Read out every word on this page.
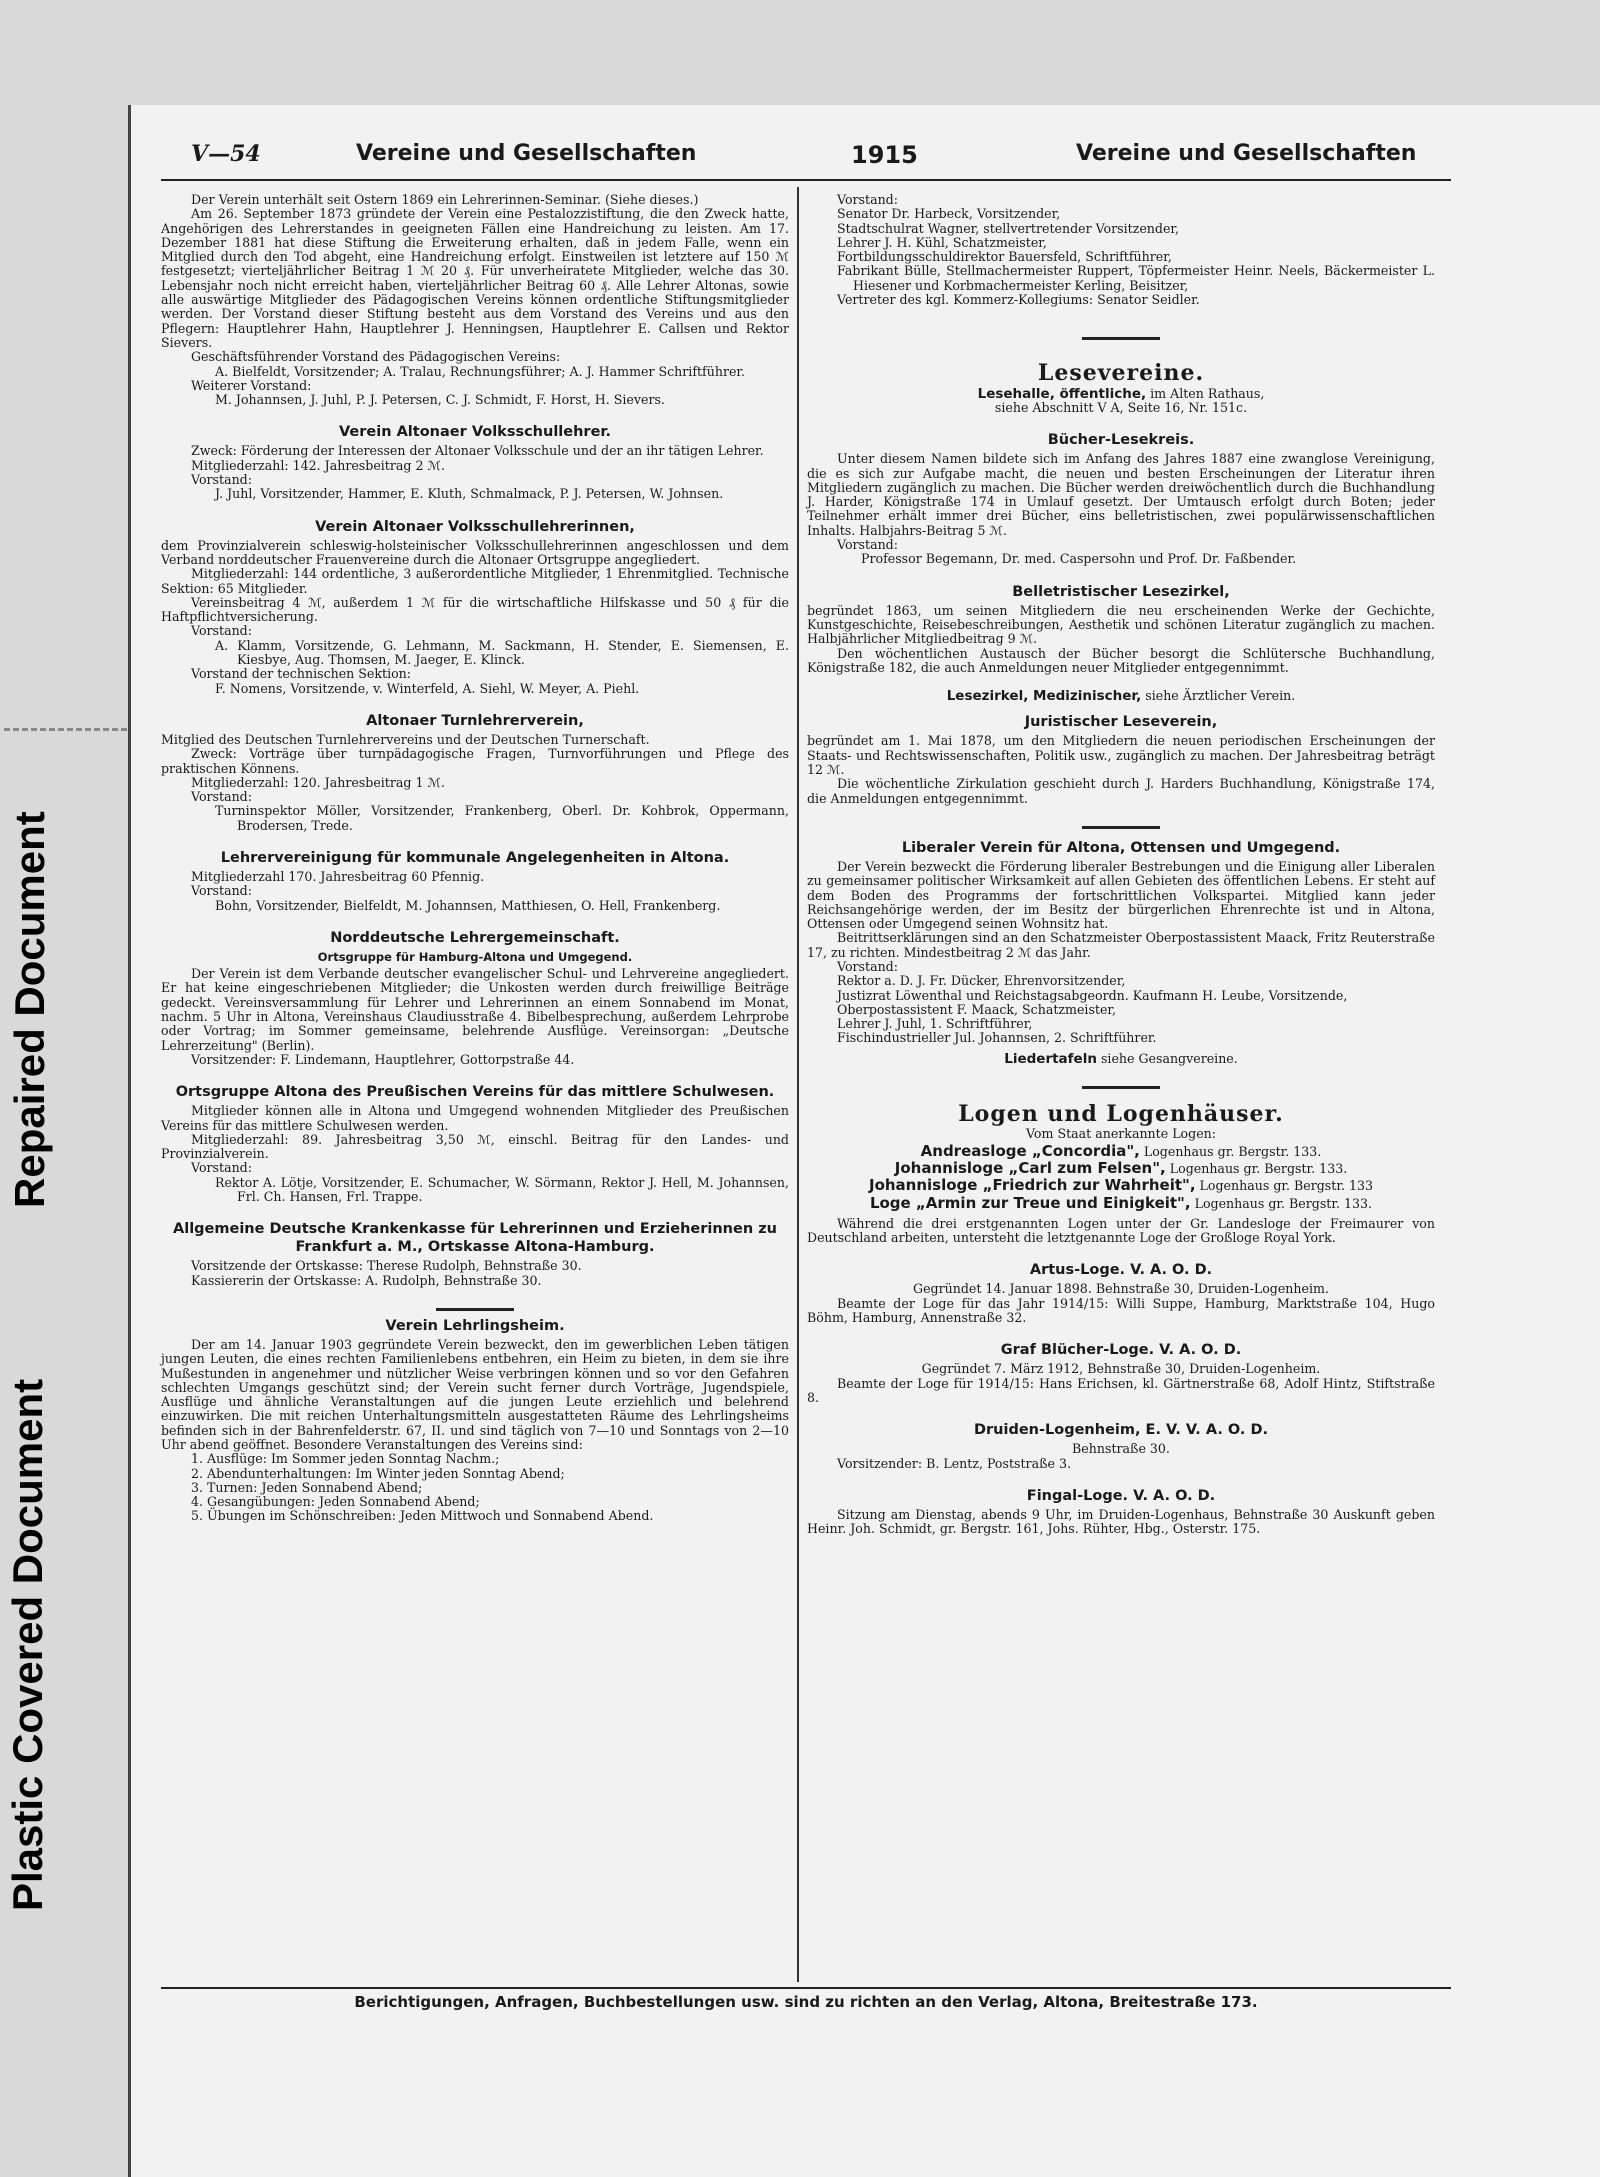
Plastic Covered Document
Repaired Document
V—54	Vereine und Gesellschaften	1915	Vereine und Gesellschaften

Der Verein unterhält seit Ostern 1869 ein Lehrerinnen-Seminar. (Siehe dieses.)

Am 26. September 1873 gründete der Verein eine Pestalozzistiftung, die den Zweck hatte, Angehörigen des Lehrerstandes in geeigneten Fällen eine Handreichung zu leisten. Am 17. Dezember 1881 hat diese Stiftung die Erweiterung erhalten, daß in jedem Falle, wenn ein Mitglied durch den Tod abgeht, eine Handreichung erfolgt. Einstweilen ist letztere auf 150 ℳ festgesetzt; vierteljährlicher Beitrag 1 ℳ 20 ₰. Für unverheiratete Mitglieder, welche das 30. Lebensjahr noch nicht erreicht haben, vierteljährlicher Beitrag 60 ₰. Alle Lehrer Altonas, sowie alle auswärtige Mitglieder des Pädagogischen Vereins können ordentliche Stiftungsmitglieder werden. Der Vorstand dieser Stiftung besteht aus dem Vorstand des Vereins und aus den Pflegern: Hauptlehrer Hahn, Hauptlehrer J. Henningsen, Hauptlehrer E. Callsen und Rektor Sievers.

Geschäftsführender Vorstand des Pädagogischen Vereins:

A. Bielfeldt, Vorsitzender; A. Tralau, Rechnungsführer; A. J. Hammer Schriftführer.

Weiterer Vorstand:

M. Johannsen, J. Juhl, P. J. Petersen, C. J. Schmidt, F. Horst, H. Sievers.

Verein Altonaer Volksschullehrer.

Zweck: Förderung der Interessen der Altonaer Volksschule und der an ihr tätigen Lehrer.

Mitgliederzahl: 142. Jahresbeitrag 2 ℳ.

Vorstand:

J. Juhl, Vorsitzender, Hammer, E. Kluth, Schmalmack, P. J. Petersen, W. Johnsen.

Verein Altonaer Volksschullehrerinnen,

dem Provinzialverein schleswig-holsteinischer Volksschullehrerinnen angeschlossen und dem Verband norddeutscher Frauenvereine durch die Altonaer Ortsgruppe angegliedert.

Mitgliederzahl: 144 ordentliche, 3 außerordentliche Mitglieder, 1 Ehrenmitglied. Technische Sektion: 65 Mitglieder.

Vereinsbeitrag 4 ℳ, außerdem 1 ℳ für die wirtschaftliche Hilfskasse und 50 ₰ für die Haftpflichtversicherung.

Vorstand:

A. Klamm, Vorsitzende, G. Lehmann, M. Sackmann, H. Stender, E. Siemensen, E. Kiesbye, Aug. Thomsen, M. Jaeger, E. Klinck.

Vorstand der technischen Sektion:

F. Nomens, Vorsitzende, v. Winterfeld, A. Siehl, W. Meyer, A. Piehl.

Altonaer Turnlehrerverein,

Mitglied des Deutschen Turnlehrervereins und der Deutschen Turnerschaft.

Zweck: Vorträge über turnpädagogische Fragen, Turnvorführungen und Pflege des praktischen Könnens.

Mitgliederzahl: 120. Jahresbeitrag 1 ℳ.

Vorstand:

Turninspektor Möller, Vorsitzender, Frankenberg, Oberl. Dr. Kohbrok, Oppermann, Brodersen, Trede.

Lehrervereinigung für kommunale Angelegenheiten in Altona.

Mitgliederzahl 170. Jahresbeitrag 60 Pfennig.

Vorstand:

Bohn, Vorsitzender, Bielfeldt, M. Johannsen, Matthiesen, O. Hell, Frankenberg.

Norddeutsche Lehrergemeinschaft.
Ortsgruppe für Hamburg-Altona und Umgegend.

Der Verein ist dem Verbande deutscher evangelischer Schul- und Lehrvereine angegliedert. Er hat keine eingeschriebenen Mitglieder; die Unkosten werden durch freiwillige Beiträge gedeckt. Vereinsversammlung für Lehrer und Lehrerinnen an einem Sonnabend im Monat, nachm. 5 Uhr in Altona, Vereinshaus Claudiusstraße 4. Bibelbesprechung, außerdem Lehrprobe oder Vortrag; im Sommer gemeinsame, belehrende Ausflüge. Vereinsorgan: „Deutsche Lehrerzeitung" (Berlin).

Vorsitzender: F. Lindemann, Hauptlehrer, Gottorpstraße 44.

Ortsgruppe Altona des Preußischen Vereins für das mittlere Schulwesen.

Mitglieder können alle in Altona und Umgegend wohnenden Mitglieder des Preußischen Vereins für das mittlere Schulwesen werden.

Mitgliederzahl: 89. Jahresbeitrag 3,50 ℳ, einschl. Beitrag für den Landes- und Provinzialverein.

Vorstand:

Rektor A. Lötje, Vorsitzender, E. Schumacher, W. Sörmann, Rektor J. Hell, M. Johannsen, Frl. Ch. Hansen, Frl. Trappe.

Allgemeine Deutsche Krankenkasse für Lehrerinnen und Erzieherinnen zu Frankfurt a. M., Ortskasse Altona-Hamburg.

Vorsitzende der Ortskasse: Therese Rudolph, Behnstraße 30.

Kassiererin der Ortskasse: A. Rudolph, Behnstraße 30.

Verein Lehrlingsheim.

Der am 14. Januar 1903 gegründete Verein bezweckt, den im gewerblichen Leben tätigen jungen Leuten, die eines rechten Familienlebens entbehren, ein Heim zu bieten, in dem sie ihre Mußestunden in angenehmer und nützlicher Weise verbringen können und so vor den Gefahren schlechten Umgangs geschützt sind; der Verein sucht ferner durch Vorträge, Jugendspiele, Ausflüge und ähnliche Veranstaltungen auf die jungen Leute erziehlich und belehrend einzuwirken. Die mit reichen Unterhaltungsmitteln ausgestatteten Räume des Lehrlingsheims befinden sich in der Bahrenfelderstr. 67, II. und sind täglich von 7—10 und Sonntags von 2—10 Uhr abend geöffnet. Besondere Veranstaltungen des Vereins sind:

1. Ausflüge: Im Sommer jeden Sonntag Nachm.;

2. Abendunterhaltungen: Im Winter jeden Sonntag Abend;

3. Turnen: Jeden Sonnabend Abend;

4. Gesangübungen: Jeden Sonnabend Abend;

5. Übungen im Schönschreiben: Jeden Mittwoch und Sonnabend Abend.

Vorstand:

Senator Dr. Harbeck, Vorsitzender,

Stadtschulrat Wagner, stellvertretender Vorsitzender,

Lehrer J. H. Kühl, Schatzmeister,

Fortbildungsschuldirektor Bauersfeld, Schriftführer,

Fabrikant Bülle, Stellmachermeister Ruppert, Töpfermeister Heinr. Neels, Bäckermeister L. Hiesener und Korbmachermeister Kerling, Beisitzer,

Vertreter des kgl. Kommerz-Kollegiums: Senator Seidler.

Lesevereine.

Lesehalle, öffentliche, im Alten Rathaus,

siehe Abschnitt V A, Seite 16, Nr. 151c.

Bücher-Lesekreis.

Unter diesem Namen bildete sich im Anfang des Jahres 1887 eine zwanglose Vereinigung, die es sich zur Aufgabe macht, die neuen und besten Erscheinungen der Literatur ihren Mitgliedern zugänglich zu machen. Die Bücher werden dreiwöchentlich durch die Buchhandlung J. Harder, Königstraße 174 in Umlauf gesetzt. Der Umtausch erfolgt durch Boten; jeder Teilnehmer erhält immer drei Bücher, eins belletristischen, zwei populärwissenschaftlichen Inhalts. Halbjahrs-Beitrag 5 ℳ.

Vorstand:

Professor Begemann, Dr. med. Caspersohn und Prof. Dr. Faßbender.

Belletristischer Lesezirkel,

begründet 1863, um seinen Mitgliedern die neu erscheinenden Werke der Gechichte, Kunstgeschichte, Reisebeschreibungen, Aesthetik und schönen Literatur zugänglich zu machen. Halbjährlicher Mitgliedbeitrag 9 ℳ.

Den wöchentlichen Austausch der Bücher besorgt die Schlütersche Buchhandlung, Königstraße 182, die auch Anmeldungen neuer Mitglieder entgegennimmt.

Lesezirkel, Medizinischer, siehe Ärztlicher Verein.

Juristischer Leseverein,

begründet am 1. Mai 1878, um den Mitgliedern die neuen periodischen Erscheinungen der Staats- und Rechtswissenschaften, Politik usw., zugänglich zu machen. Der Jahresbeitrag beträgt 12 ℳ.

Die wöchentliche Zirkulation geschieht durch J. Harders Buchhandlung, Königstraße 174, die Anmeldungen entgegennimmt.

Liberaler Verein für Altona, Ottensen und Umgegend.

Der Verein bezweckt die Förderung liberaler Bestrebungen und die Einigung aller Liberalen zu gemeinsamer politischer Wirksamkeit auf allen Gebieten des öffentlichen Lebens. Er steht auf dem Boden des Programms der fortschrittlichen Volkspartei. Mitglied kann jeder Reichsangehörige werden, der im Besitz der bürgerlichen Ehrenrechte ist und in Altona, Ottensen oder Umgegend seinen Wohnsitz hat.

Beitrittserklärungen sind an den Schatzmeister Oberpostassistent Maack, Fritz Reuterstraße 17, zu richten. Mindestbeitrag 2 ℳ das Jahr.

Vorstand:

Rektor a. D. J. Fr. Dücker, Ehrenvorsitzender,

Justizrat Löwenthal und Reichstagsabgeordn. Kaufmann H. Leube, Vorsitzende,

Oberpostassistent F. Maack, Schatzmeister,

Lehrer J. Juhl, 1. Schriftführer,

Fischindustrieller Jul. Johannsen, 2. Schriftführer.

Liedertafeln siehe Gesangvereine.

Logen und Logenhäuser.

Vom Staat anerkannte Logen:

Andreasloge „Concordia", Logenhaus gr. Bergstr. 133.

Johannisloge „Carl zum Felsen", Logenhaus gr. Bergstr. 133.

Johannisloge „Friedrich zur Wahrheit", Logenhaus gr. Bergstr. 133

Loge „Armin zur Treue und Einigkeit", Logenhaus gr. Bergstr. 133.

Während die drei erstgenannten Logen unter der Gr. Landesloge der Freimaurer von Deutschland arbeiten, untersteht die letztgenannte Loge der Großloge Royal York.

Artus-Loge. V. A. O. D.

Gegründet 14. Januar 1898. Behnstraße 30, Druiden-Logenheim.

Beamte der Loge für das Jahr 1914/15: Willi Suppe, Hamburg, Marktstraße 104, Hugo Böhm, Hamburg, Annenstraße 32.

Graf Blücher-Loge. V. A. O. D.

Gegründet 7. März 1912, Behnstraße 30, Druiden-Logenheim.

Beamte der Loge für 1914/15: Hans Erichsen, kl. Gärtnerstraße 68, Adolf Hintz, Stiftstraße 8.

Druiden-Logenheim, E. V. V. A. O. D.

Behnstraße 30.

Vorsitzender: B. Lentz, Poststraße 3.

Fingal-Loge. V. A. O. D.

Sitzung am Dienstag, abends 9 Uhr, im Druiden-Logenhaus, Behnstraße 30 Auskunft geben Heinr. Joh. Schmidt, gr. Bergstr. 161, Johs. Rühter, Hbg., Osterstr. 175.

Berichtigungen, Anfragen, Buchbestellungen usw. sind zu richten an den Verlag, Altona, Breitestraße 173.
